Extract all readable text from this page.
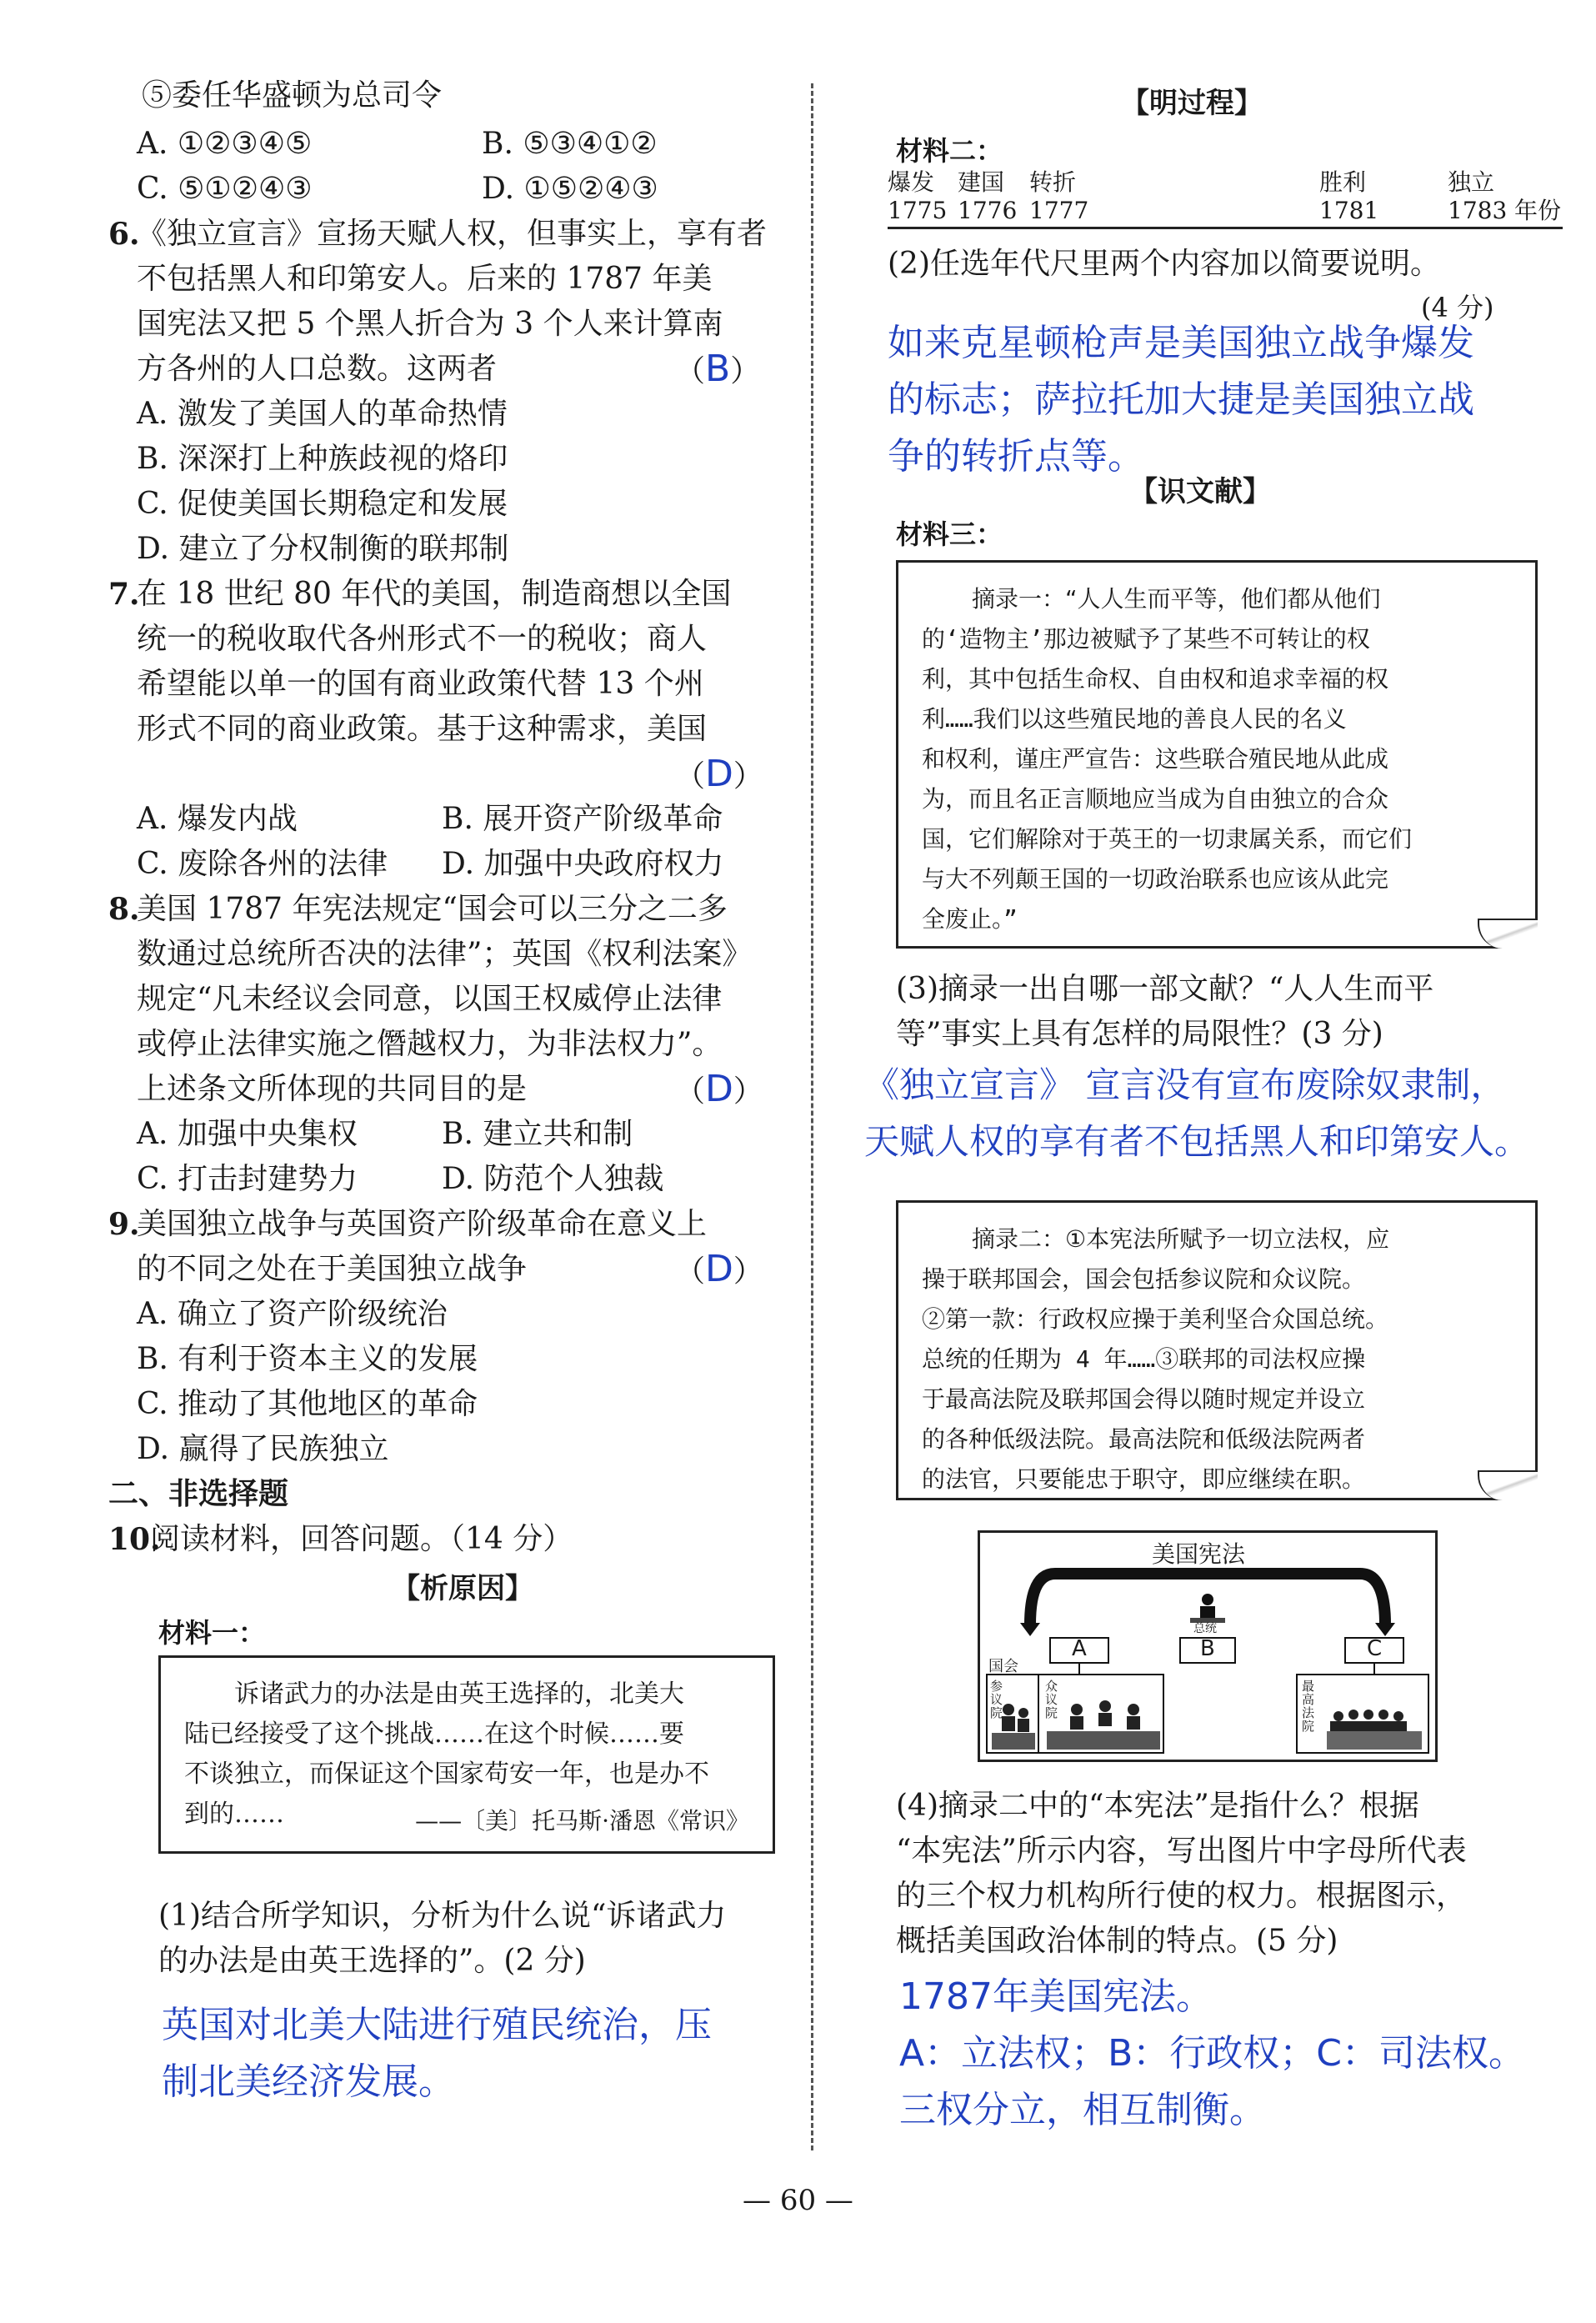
⑤委任华盛顿为总司令
A. ①②③④⑤	B. ⑤③④①②
C. ⑤①②④③	D. ①⑤②④③
6.
《独立宣言》宣扬天赋人权，但事实上，享有者
不包括黑人和印第安人。后来的 1787 年美
国宪法又把 5 个黑人折合为 3 个人来计算南
方各州的人口总数。这两者	（B）
A. 激发了美国人的革命热情
B. 深深打上种族歧视的烙印
C. 促使美国长期稳定和发展
D. 建立了分权制衡的联邦制
7.
在 18 世纪 80 年代的美国，制造商想以全国
统一的税收取代各州形式不一的税收；商人
希望能以单一的国有商业政策代替 13 个州
形式不同的商业政策。基于这种需求，美国
（D）
A. 爆发内战	B. 展开资产阶级革命
C. 废除各州的法律 D. 加强中央政府权力
8.
美国 1787 年宪法规定“国会可以三分之二多
数通过总统所否决的法律”；英国《权利法案》
规定“凡未经议会同意，以国王权威停止法律
或停止法律实施之僭越权力，为非法权力”。
上述条文所体现的共同目的是	（D）
A. 加强中央集权	B. 建立共和制
C. 打击封建势力	D. 防范个人独裁
9.
美国独立战争与英国资产阶级革命在意义上
的不同之处在于美国独立战争	（D）
A. 确立了资产阶级统治
B. 有利于资本主义的发展
C. 推动了其他地区的革命
D. 赢得了民族独立
二、非选择题
10.
阅读材料，回答问题。（14 分）
【析原因】
材料一：
诉诸武力的办法是由英王选择的，北美大
陆已经接受了这个挑战……在这个时候……要
不谈独立，而保证这个国家苟安一年，也是办不
到的……	——〔美〕托马斯·潘恩《常识》
(1)结合所学知识，分析为什么说“诉诸武力
的办法是由英王选择的”。(2 分)
英国对北美大陆进行殖民统治，压
制北美经济发展。
【明过程】
材料二：
爆发
1775
建国
1776
转折
1777
胜利
1781
独立
1783 年份
(2)任选年代尺里两个内容加以简要说明。
(4 分)
如来克星顿枪声是美国独立战争爆发
的标志；萨拉托加大捷是美国独立战
争的转折点等。
【识文献】
材料三：
摘录一：“人人生而平等，他们都从他们
的‘造物主’那边被赋予了某些不可转让的权
利，其中包括生命权、自由权和追求幸福的权
利……我们以这些殖民地的善良人民的名义
和权利，谨庄严宣告：这些联合殖民地从此成
为，而且名正言顺地应当成为自由独立的合众
国，它们解除对于英王的一切隶属关系，而它们
与大不列颠王国的一切政治联系也应该从此完
全废止。”
(3)摘录一出自哪一部文献？“人人生而平
等”事实上具有怎样的局限性？(3 分)
《独立宣言》 宣言没有宣布废除奴隶制，
天赋人权的享有者不包括黑人和印第安人。
摘录二：①本宪法所赋予一切立法权，应
操于联邦国会，国会包括参议院和众议院。
②第一款：行政权应操于美利坚合众国总统。
总统的任期为 4 年……③联邦的司法权应操
于最高法院及联邦国会得以随时规定并设立
的各种低级法院。最高法院和低级法院两者
的法官，只要能忠于职守，即应继续在职。
美国宪法
A	B	C
总统
国会
参议院
众议院
最高法院
(4)摘录二中的“本宪法”是指什么？根据
“本宪法”所示内容，写出图片中字母所代表
的三个权力机构所行使的权力。根据图示，
概括美国政治体制的特点。(5 分)
1787年美国宪法。
A：立法权；B：行政权；C：司法权。
三权分立，相互制衡。
— 60 —
